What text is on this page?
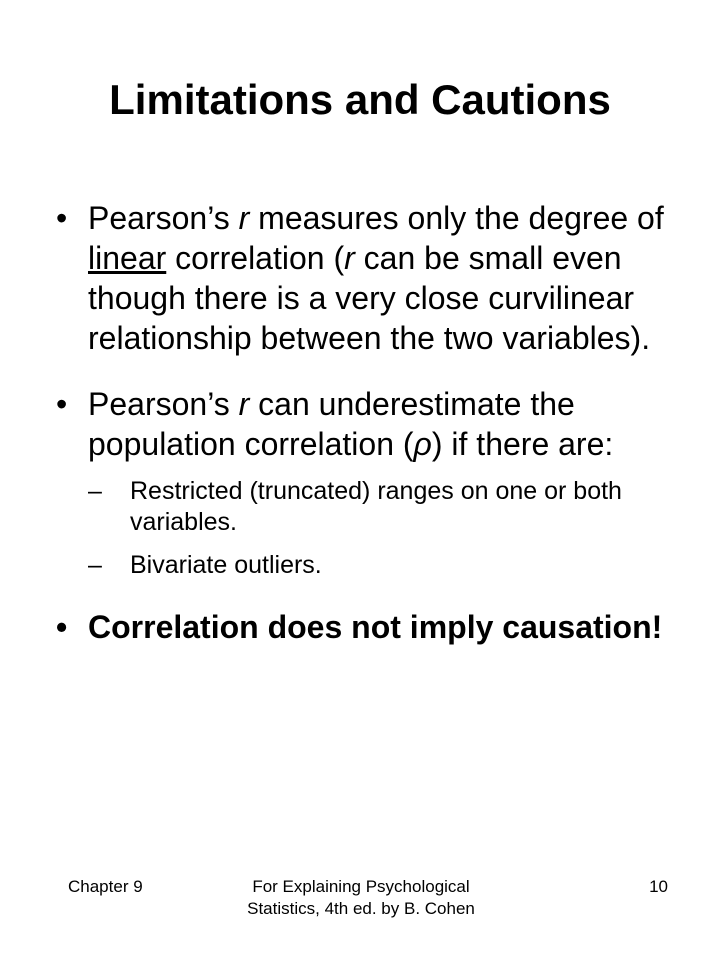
Limitations and Cautions
• Pearson’s r measures only the degree of linear correlation (r can be small even though there is a very close curvilinear relationship between the two variables).
• Pearson’s r can underestimate the population correlation (ρ) if there are:
– Restricted (truncated) ranges on one or both variables.
– Bivariate outliers.
• Correlation does not imply causation!
Chapter 9	For Explaining Psychological Statistics, 4th ed. by B. Cohen
10
